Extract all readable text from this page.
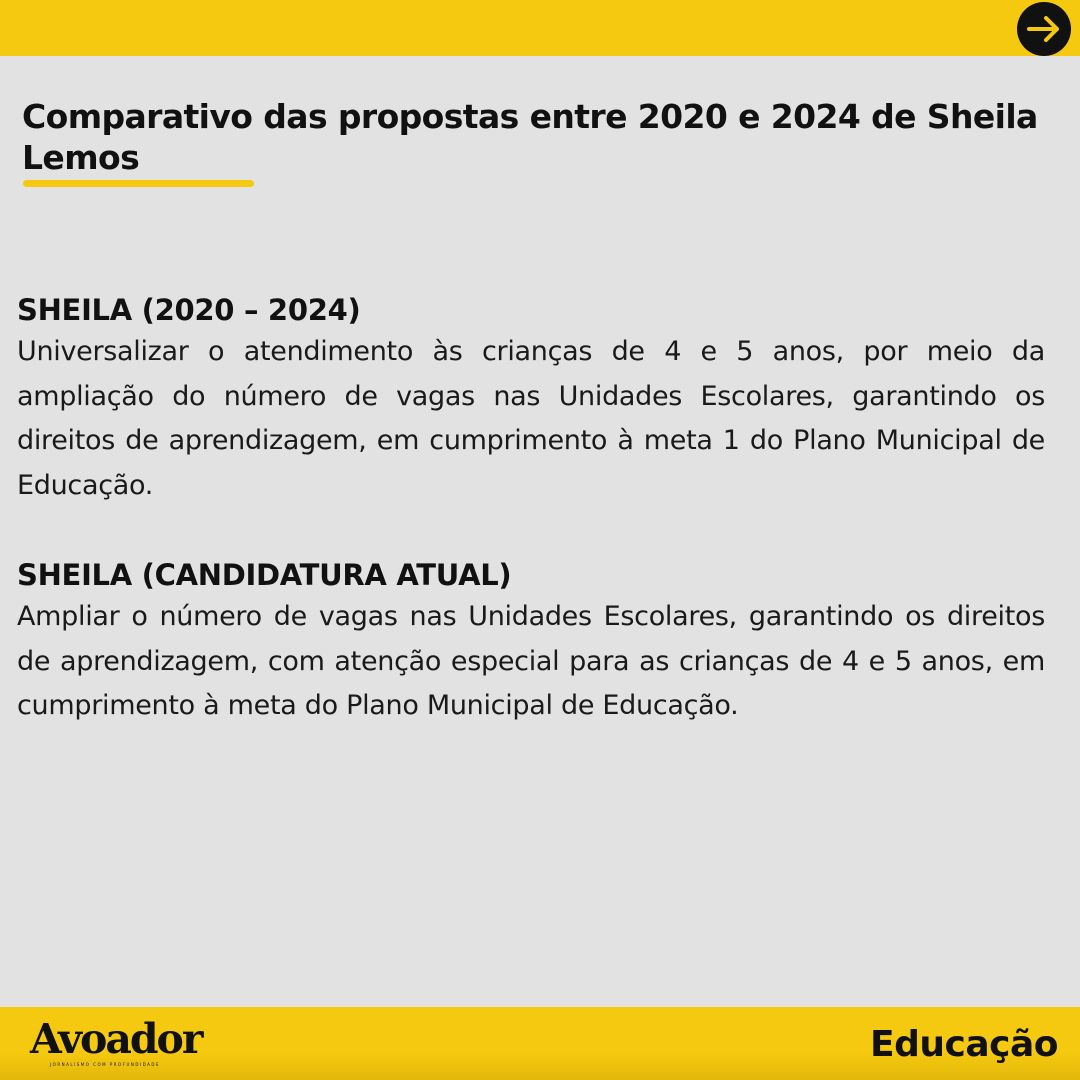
Comparativo das propostas entre 2020 e 2024 de Sheila Lemos

SHEILA (2020 – 2024)

Universalizar o atendimento às crianças de 4 e 5 anos, por meio da ampliação do número de vagas nas Unidades Escolares, garantindo os direitos de aprendizagem, em cumprimento à meta 1 do Plano Municipal de Educação.

SHEILA (CANDIDATURA ATUAL)

Ampliar o número de vagas nas Unidades Escolares, garantindo os direitos de aprendizagem, com atenção especial para as crianças de 4 e 5 anos, em cumprimento à meta do Plano Municipal de Educação.

Avoador
JORNALISMO COM PROFUNDIDADE	Educação
